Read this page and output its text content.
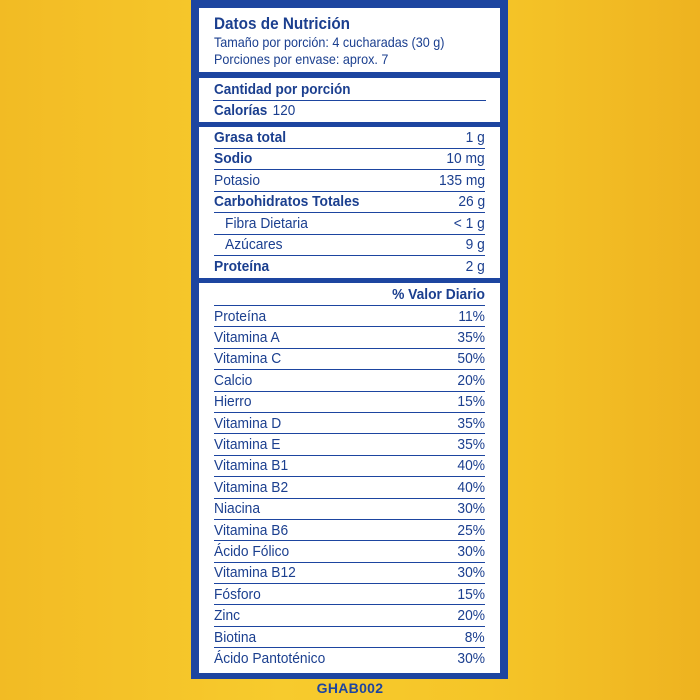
Datos de Nutrición
Tamaño por porción: 4 cucharadas (30 g)
Porciones por envase: aprox. 7
Cantidad por porción
Calorías 120
Grasa total	1 g
Sodio	10 mg
Potasio	135 mg
Carbohidratos Totales	26 g
Fibra Dietaria	< 1 g
Azúcares	9 g
Proteína	2 g
% Valor Diario
Proteína	11%
Vitamina A	35%
Vitamina C	50%
Calcio	20%
Hierro	15%
Vitamina D	35%
Vitamina E	35%
Vitamina B1	40%
Vitamina B2	40%
Niacina	30%
Vitamina B6	25%
Ácido Fólico	30%
Vitamina B12	30%
Fósforo	15%
Zinc	20%
Biotina	8%
Ácido Pantoténico	30%
GHAB002
